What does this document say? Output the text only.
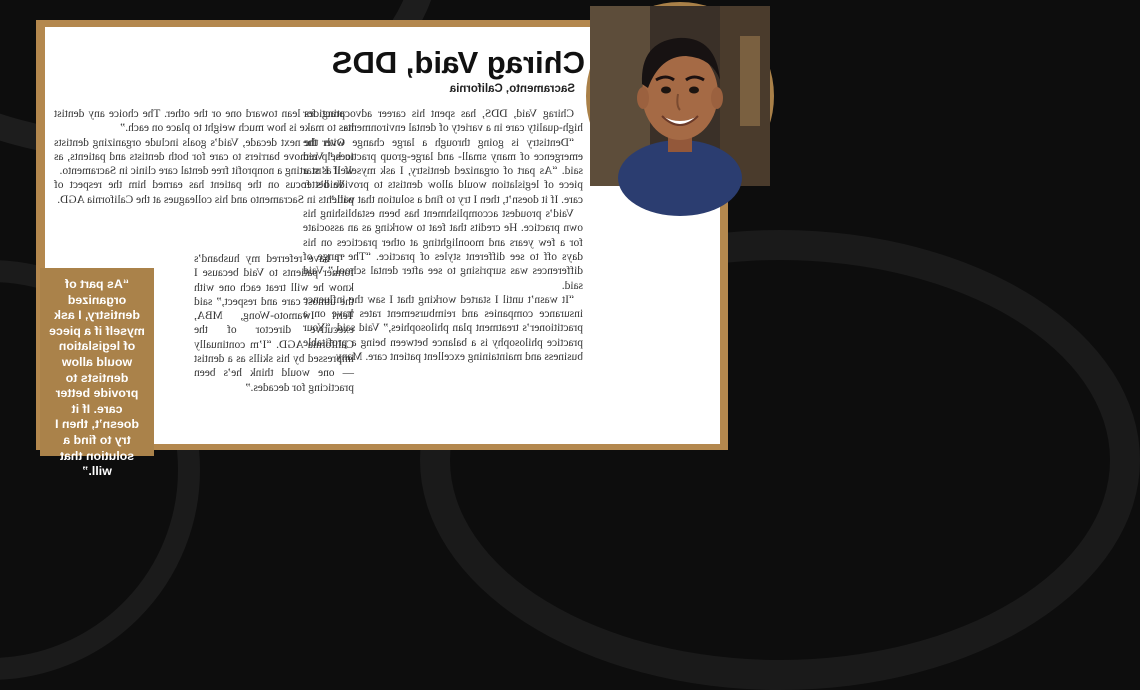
Chirag Vaid, DDS
Sacramento, California

Chirag Vaid, DDS, has spent his career advocating for high-quality care in a variety of dental environments.

“Dentistry is going through a large change with the emergence of many small- and large-group practices,” Vaid said. “As part of organized dentistry, I ask myself if I’m a piece of legislation would allow dentists to provide better care. If it doesn’t, then I try to find a solution that will.”

Vaid’s proudest accomplishment has been establishing his own practice. He credits that feat to working as an associate for a few years and moonlighting at other practices on his days off to see different styles of practice. “The range of differences was surprising to see after dental school,” Vaid said.

“It wasn’t until I started working that I saw the influence insurance companies and reimbursement rates have on a practitioner’s treatment plan philosophies,” Vaid said. “Your practice philosophy is a balance between being a profitable business and maintaining excellent patient care. Many

practices lean toward one or the other. The choice any dentist has to make is how much weight to place on each.”

Over the next decade, Vaid’s goals include organizing dentists to help remove barriers to care for both dentists and patients, as well as starting a nonprofit free dental care clinic in Sacramento.

Vaid’s focus on the patient has earned him the respect of patients in Sacramento and his colleagues at the California AGD.

“I have referred my husband’s former patients to Vaid because I know he will treat each one with the utmost care and respect,” said Terri Iwamoto-Wong, MBA, executive director of the California AGD. “I’m continually impressed by his skills as a dentist — one would think he’s been practicing for decades.”

“As part of organized dentistry, I ask myself if a piece of legislation would allow dentists to provide better care. If it doesn’t, then I try to find a solution that will.”
